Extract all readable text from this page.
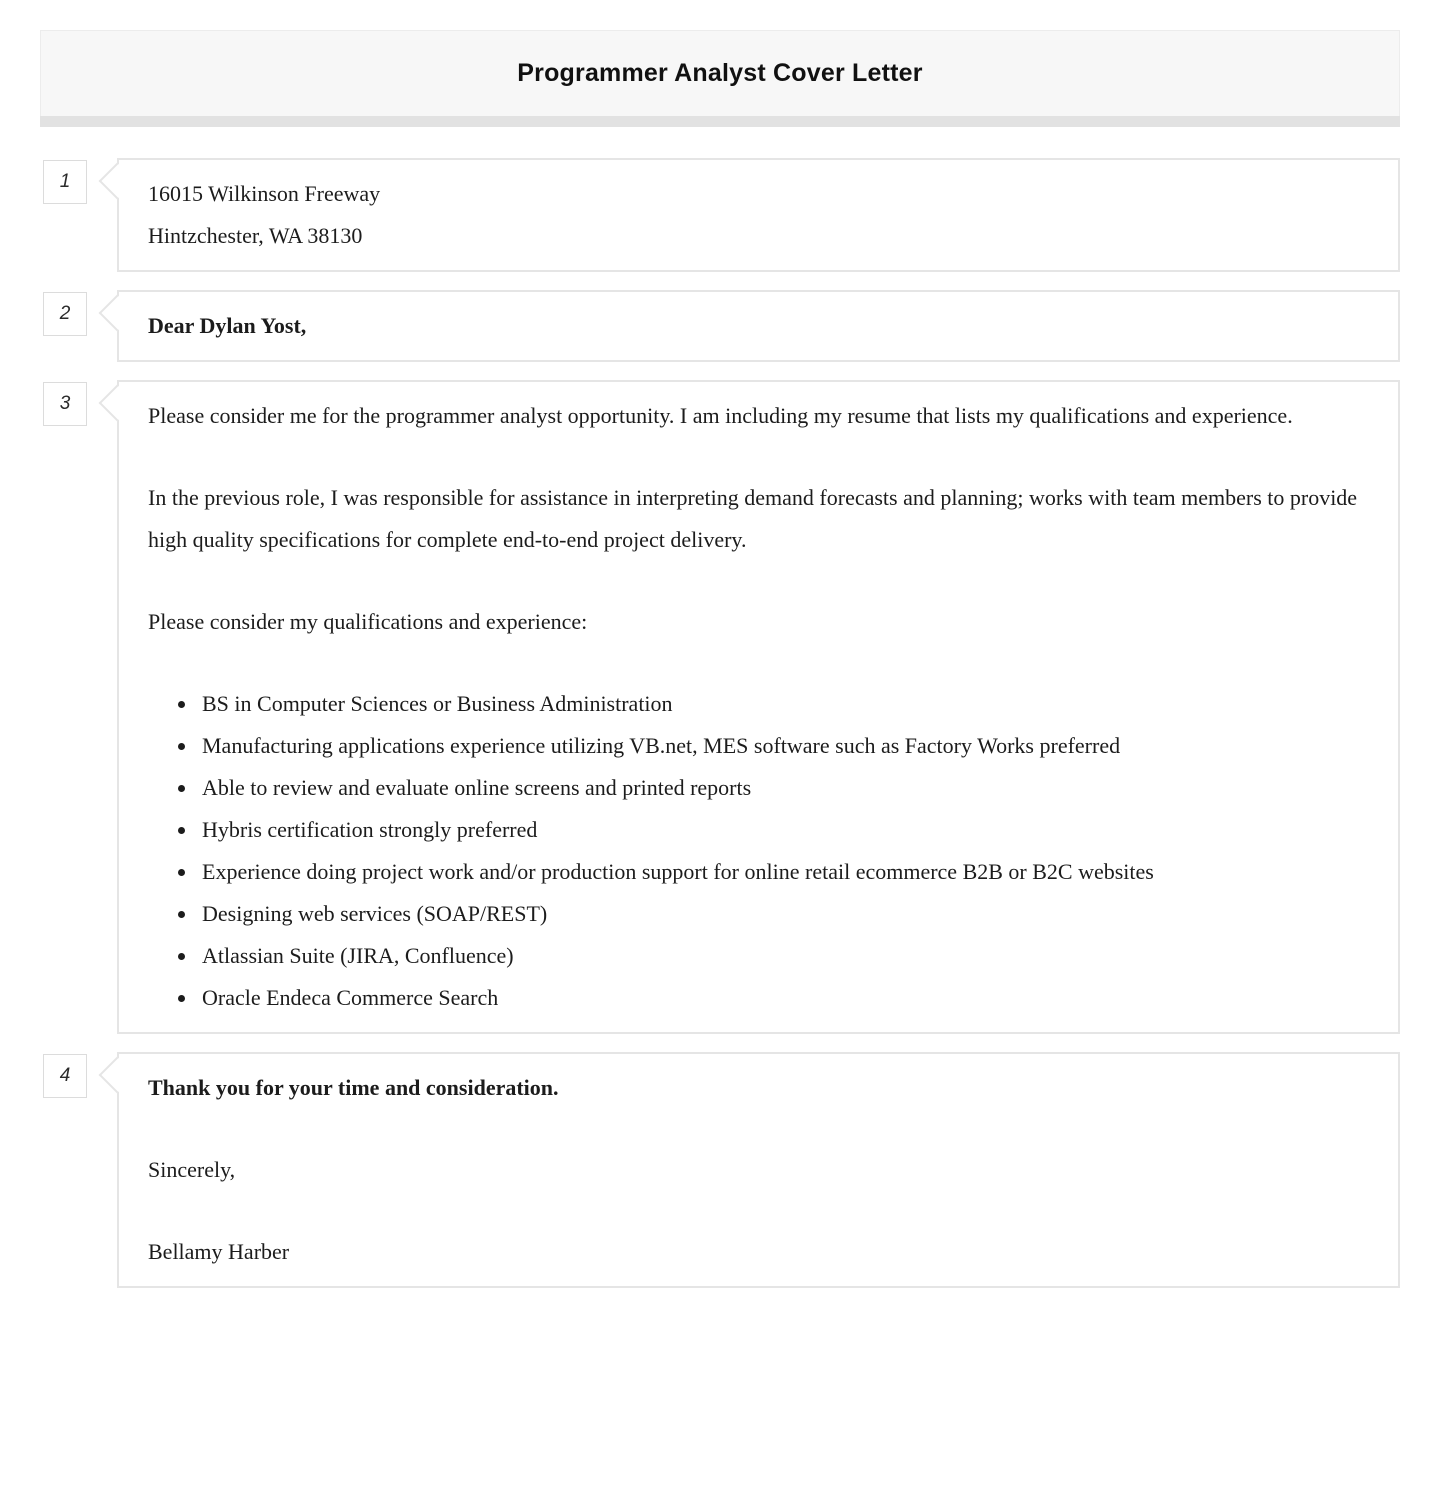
Programmer Analyst Cover Letter
1	16015 Wilkinson Freeway
Hintzchester, WA 38130
2	Dear Dylan Yost,
3	Please consider me for the programmer analyst opportunity. I am including my resume that lists my qualifications and experience.

In the previous role, I was responsible for assistance in interpreting demand forecasts and planning; works with team members to provide high quality specifications for complete end-to-end project delivery.

Please consider my qualifications and experience:

• BS in Computer Sciences or Business Administration
• Manufacturing applications experience utilizing VB.net, MES software such as Factory Works preferred
• Able to review and evaluate online screens and printed reports
• Hybris certification strongly preferred
• Experience doing project work and/or production support for online retail ecommerce B2B or B2C websites
• Designing web services (SOAP/REST)
• Atlassian Suite (JIRA, Confluence)
• Oracle Endeca Commerce Search
4	Thank you for your time and consideration.

Sincerely,

Bellamy Harber
